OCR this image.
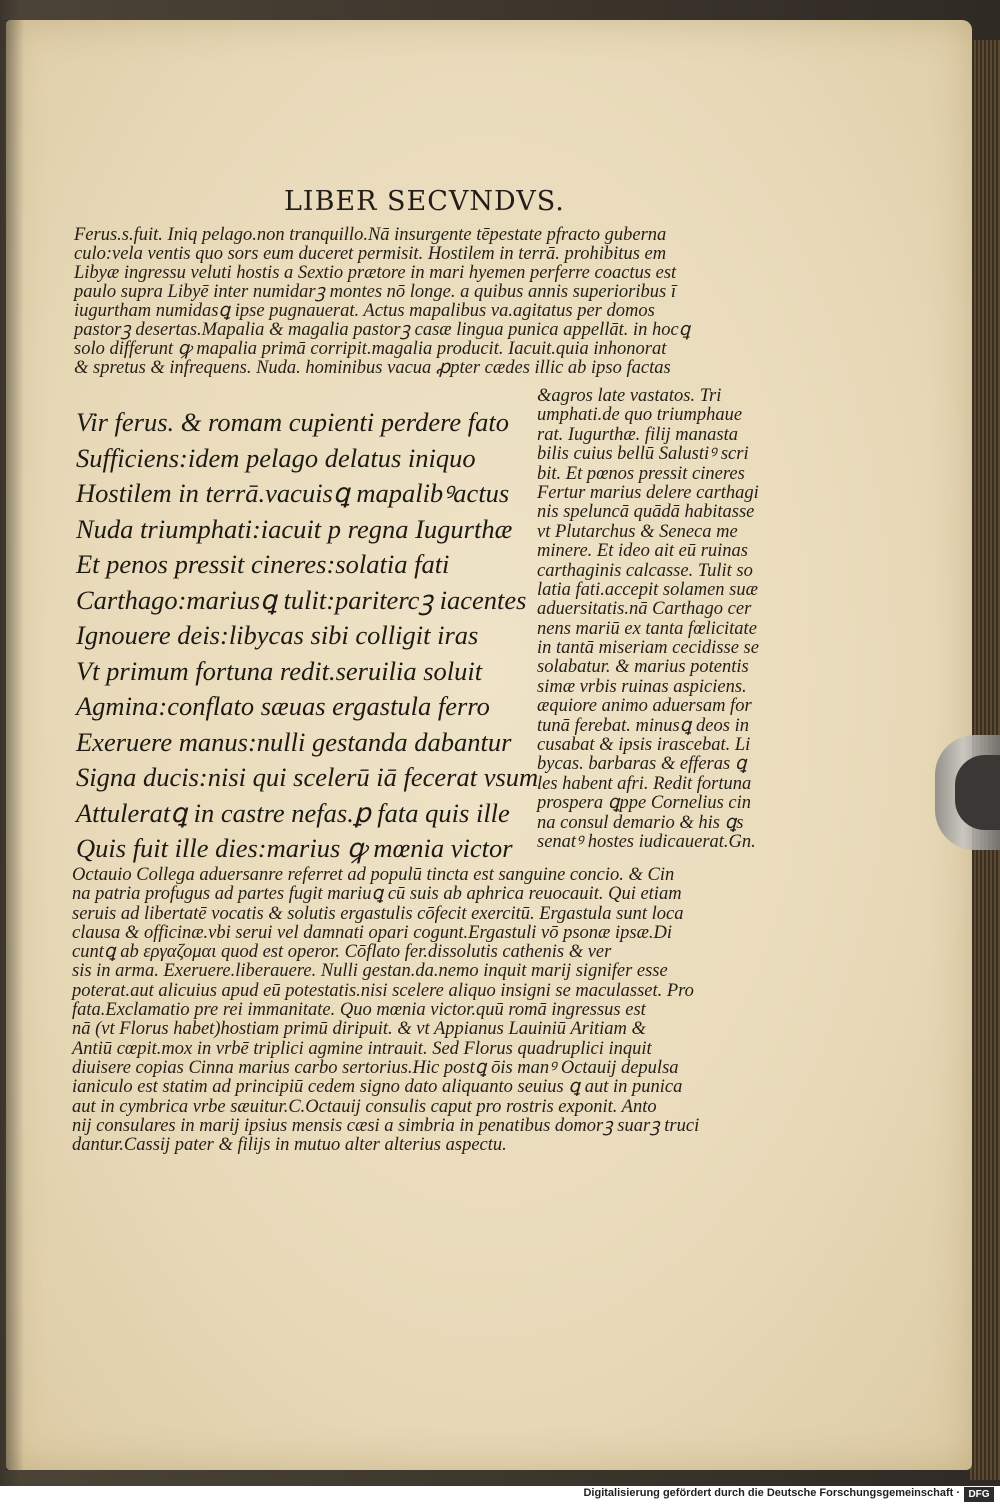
LIBER SECVNDVS.
Ferus.s.fuit. Iniq pelago.non tranquillo.Nā insurgente tēpestate pfracto guberna
culo:vela ventis quo sors eum duceret permisit. Hostilem in terrā. prohibitus em
Libyæ ingressu veluti hostis a Sextio prætore in mari hyemen perferre coactus est
paulo supra Libyē inter numidarꝫ montes nō longe. a quibus annis superioribus ī
iugurtham numidasꝗ ipse pugnauerat. Actus mapalibus va.agitatus per domos
pastorꝫ desertas.Mapalia & magalia pastorꝫ casæ lingua punica appellāt. in hocꝗ
solo differunt ꝙ mapalia primā corripit.magalia producit. Iacuit.quia inhonorat
& spretus & infrequens. Nuda. hominibus vacua ꝓpter cædes illic ab ipso factas
Vir ferus. & romam cupienti perdere fato
Sufficiens:idem pelago delatus iniquo
Hostilem in terrā.vacuisꝗ mapalibꝰactus
Nuda triumphati:iacuit p regna Iugurthæ
Et penos pressit cineres:solatia fati
Carthago:mariusꝗ tulit:paritercꝫ iacentes
Ignouere deis:libycas sibi colligit iras
Vt primum fortuna redit.seruilia soluit
Agmina:conflato sæuas ergastula ferro
Exeruere manus:nulli gestanda dabantur
Signa ducis:nisi qui scelerū iā fecerat vsum
Attuleratꝗ in castre nefas.ꝑ fata quis ille
Quis fuit ille dies:marius ꝙ mœnia victor
&agros late vastatos. Tri
umphati.de quo triumphaue
rat. Iugurthæ. filij manasta
bilis cuius bellū Salustiꝰ scri
bit. Et pœnos pressit cineres
Fertur marius delere carthagi
nis speluncā quādā habitasse
vt Plutarchus & Seneca me
minere. Et ideo ait eū ruinas
carthaginis calcasse. Tulit so
latia fati.accepit solamen suæ
aduersitatis.nā Carthago cer
nens mariū ex tanta fœlicitate
in tantā miseriam cecidisse se
solabatur. & marius potentis
simæ vrbis ruinas aspiciens.
æquiore animo aduersam for
tunā ferebat. minusꝗ deos in
cusabat & ipsis irascebat. Li
bycas. barbaras & efferas ꝗ
les habent afri. Redit fortuna
prospera ꝗppe Cornelius cin
na consul demario & his ꝗs
senatꝰ hostes iudicauerat.Gn.
Octauio Collega aduersanre referret ad populū tincta est sanguine concio. & Cin
na patria profugus ad partes fugit mariuꝗ cū suis ab aphrica reuocauit. Qui etiam
seruis ad libertatē vocatis & solutis ergastulis cōfecit exercitū. Ergastula sunt loca
clausa & officinæ.vbi serui vel damnati opari cogunt.Ergastuli vō psonæ ipsæ.Di
cuntꝗ ab εργαζομαι quod est operor. Cōflato fer.dissolutis cathenis & ver
sis in arma. Exeruere.liberauere. Nulli gestan.da.nemo inquit marij signifer esse
poterat.aut alicuius apud eū potestatis.nisi scelere aliquo insigni se maculasset. Pro
fata.Exclamatio pre rei immanitate. Quo mœnia victor.quū romā ingressus est
nā (vt Florus habet)hostiam primū diripuit. & vt Appianus Lauiniū Aritiam &
Antiū cœpit.mox in vrbē triplici agmine intrauit. Sed Florus quadruplici inquit
diuisere copias Cinna marius carbo sertorius.Hic postꝗ ōis manꝰ Octauij depulsa
ianiculo est statim ad principiū cedem signo dato aliquanto seuius ꝗ aut in punica
aut in cymbrica vrbe sæuitur.C.Octauij consulis caput pro rostris exponit. Anto
nij consulares in marij ipsius mensis cæsi a simbria in penatibus domorꝫ suarꝫ truci
dantur.Cassij pater & filijs in mutuo alter alterius aspectu.
Digitalisierung gefördert durch die Deutsche Forschungsgemeinschaft · DFG
